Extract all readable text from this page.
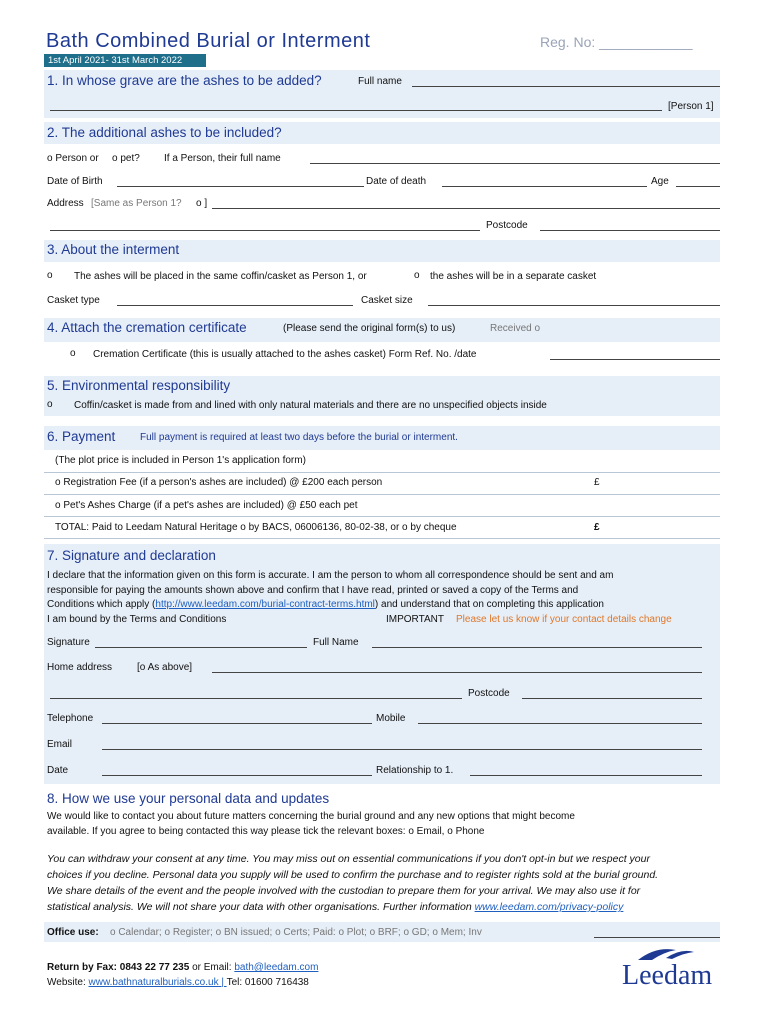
Bath Combined Burial or Interment	Reg. No: ____________
1st April 2021- 31st March 2022
1. In whose grave are the ashes to be added?	Full name
[Person 1]
2. The additional ashes to be included?
o Person or o pet? If a Person, their full name
Date of Birth	Date of death	Age
Address [Same as Person 1? o ]
Postcode
3. About the interment
o The ashes will be placed in the same coffin/casket as Person 1, or	o the ashes will be in a separate casket
Casket type	Casket size
4. Attach the cremation certificate	(Please send the original form(s) to us)	Received o
o Cremation Certificate (this is usually attached to the ashes casket) Form Ref. No. /date
5. Environmental responsibility
o Coffin/casket is made from and lined with only natural materials and there are no unspecified objects inside
6. Payment Full payment is required at least two days before the burial or interment.
(The plot price is included in Person 1's application form)
o Registration Fee (if a person's ashes are included) @ £200 each person	£
o Pet's Ashes Charge (if a pet's ashes are included) @ £50 each pet
TOTAL: Paid to Leedam Natural Heritage o by BACS, 06006136, 80-02-38, or o by cheque	£
7. Signature and declaration
I declare that the information given on this form is accurate. I am the person to whom all correspondence should be sent and am
responsible for paying the amounts shown above and confirm that I have read, printed or saved a copy of the Terms and
Conditions which apply (http://www.leedam.com/burial-contract-terms.html) and understand that on completing this application
I am bound by the Terms and Conditions	IMPORTANT Please let us know if your contact details change
Signature	Full Name
Home address [o As above]
Postcode
Telephone	Mobile
Email
Date	Relationship to 1.
8. How we use your personal data and updates
We would like to contact you about future matters concerning the burial ground and any new options that might become
available. If you agree to being contacted this way please tick the relevant boxes: o Email, o Phone
You can withdraw your consent at any time. You may miss out on essential communications if you don't opt-in but we respect your
choices if you decline. Personal data you supply will be used to confirm the purchase and to register rights sold at the burial ground.
We share details of the event and the people involved with the custodian to prepare them for your arrival. We may also use it for
statistical analysis. We will not share your data with other organisations. Further information www.leedam.com/privacy-policy
Office use: o Calendar; o Register; o BN issued; o Certs; Paid: o Plot; o BRF; o GD; o Mem; Inv
Return by Fax: 0843 22 77 235 or Email: bath@leedam.com
Website: www.bathnaturalburials.co.uk | Tel: 01600 716438	Leedam
